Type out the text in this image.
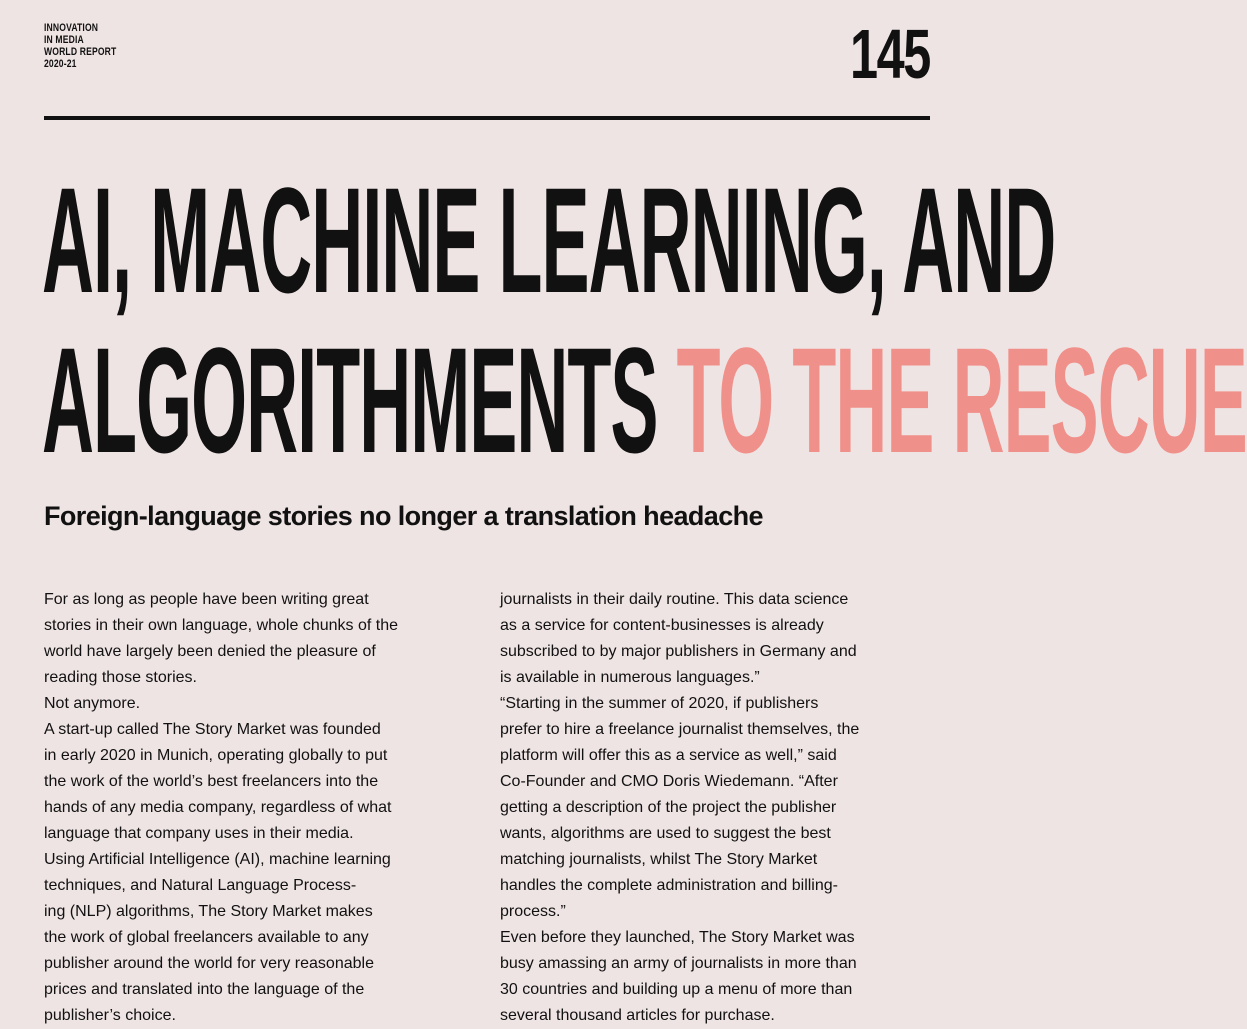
INNOVATION
IN MEDIA
WORLD REPORT
2020-21	145
AI, MACHINE LEARNING, AND
ALGORITHMENTS TO THE RESCUE
Foreign-language stories no longer a translation headache
For as long as people have been writing great
stories in their own language, whole chunks of the
world have largely been denied the pleasure of
reading those stories.
Not anymore.
A start-up called The Story Market was founded
in early 2020 in Munich, operating globally to put
the work of the world’s best freelancers into the
hands of any media company, regardless of what
language that company uses in their media.
Using Artificial Intelligence (AI), machine learning
techniques, and Natural Language Process-
ing (NLP) algorithms, The Story Market makes
the work of global freelancers available to any
publisher around the world for very reasonable
prices and translated into the language of the
publisher’s choice.
journalists in their daily routine. This data science
as a service for content-businesses is already
subscribed to by major publishers in Germany and
is available in numerous languages.”
“Starting in the summer of 2020, if publishers
prefer to hire a freelance journalist themselves, the
platform will offer this as a service as well,” said
Co-Founder and CMO Doris Wiedemann. “After
getting a description of the project the publisher
wants, algorithms are used to suggest the best
matching journalists, whilst The Story Market
handles the complete administration and billing-
process.”
Even before they launched, The Story Market was
busy amassing an army of journalists in more than
30 countries and building up a menu of more than
several thousand articles for purchase.
